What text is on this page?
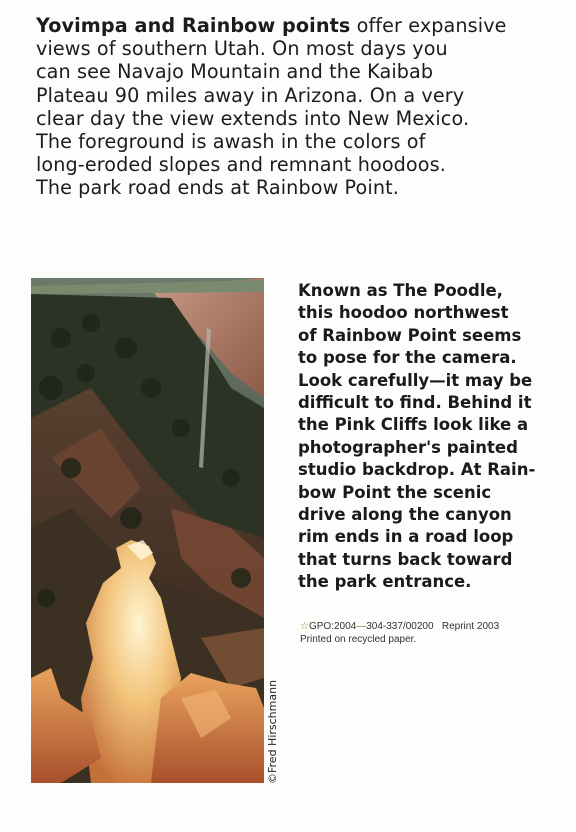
Yovimpa and Rainbow points offer expansive
views of southern Utah. On most days you
can see Navajo Mountain and the Kaibab
Plateau 90 miles away in Arizona. On a very
clear day the view extends into New Mexico.
The foreground is awash in the colors of
long-eroded slopes and remnant hoodoos.
The park road ends at Rainbow Point.

©Fred Hirschmann

Known as The Poodle,
this hoodoo northwest
of Rainbow Point seems
to pose for the camera.
Look carefully—it may be
difficult to find. Behind it
the Pink Cliffs look like a
photographer's painted
studio backdrop. At Rain-
bow Point the scenic
drive along the canyon
rim ends in a road loop
that turns back toward
the park entrance.

☆GPO:2004—304-337/00200 Reprint 2003
Printed on recycled paper.
